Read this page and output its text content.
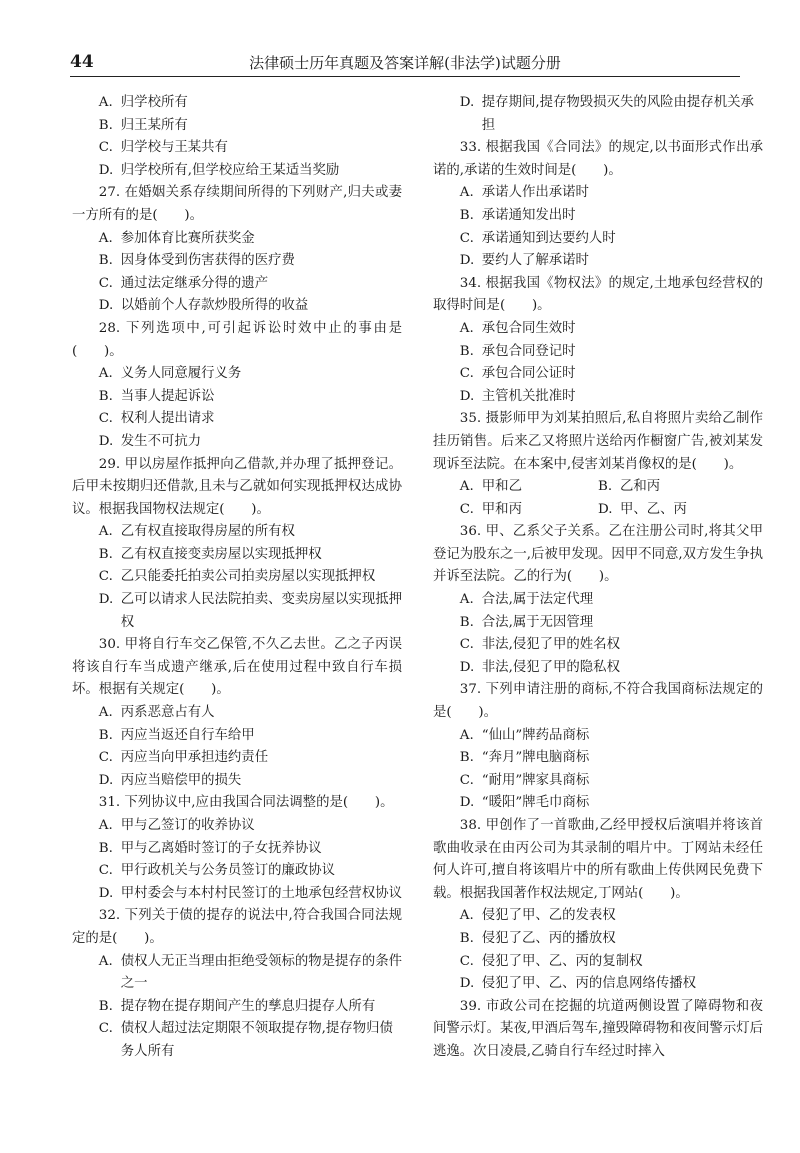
44	法律硕士历年真题及答案详解(非法学)试题分册
A. 归学校所有
B. 归王某所有
C. 归学校与王某共有
D. 归学校所有,但学校应给王某适当奖励

27. 在婚姻关系存续期间所得的下列财产,归夫或妻一方所有的是(　　)。

A. 参加体育比赛所获奖金
B. 因身体受到伤害获得的医疗费
C. 通过法定继承分得的遗产
D. 以婚前个人存款炒股所得的收益

28. 下列选项中,可引起诉讼时效中止的事由是(　　)。

A. 义务人同意履行义务
B. 当事人提起诉讼
C. 权利人提出请求
D. 发生不可抗力

29. 甲以房屋作抵押向乙借款,并办理了抵押登记。后甲未按期归还借款,且未与乙就如何实现抵押权达成协议。根据我国物权法规定(　　)。

A. 乙有权直接取得房屋的所有权
B. 乙有权直接变卖房屋以实现抵押权
C. 乙只能委托拍卖公司拍卖房屋以实现抵押权
D. 乙可以请求人民法院拍卖、变卖房屋以实现抵押权

30. 甲将自行车交乙保管,不久乙去世。乙之子丙误将该自行车当成遗产继承,后在使用过程中致自行车损坏。根据有关规定(　　)。

A. 丙系恶意占有人
B. 丙应当返还自行车给甲
C. 丙应当向甲承担违约责任
D. 丙应当赔偿甲的损失

31. 下列协议中,应由我国合同法调整的是(　　)。

A. 甲与乙签订的收养协议
B. 甲与乙离婚时签订的子女抚养协议
C. 甲行政机关与公务员签订的廉政协议
D. 甲村委会与本村村民签订的土地承包经营权协议

32. 下列关于债的提存的说法中,符合我国合同法规定的是(　　)。

A. 债权人无正当理由拒绝受领标的物是提存的条件之一
B. 提存物在提存期间产生的孳息归提存人所有
C. 债权人超过法定期限不领取提存物,提存物归债务人所有
D. 提存期间,提存物毁损灭失的风险由提存机关承担

33. 根据我国《合同法》的规定,以书面形式作出承诺的,承诺的生效时间是(　　)。

A. 承诺人作出承诺时
B. 承诺通知发出时
C. 承诺通知到达要约人时
D. 要约人了解承诺时

34. 根据我国《物权法》的规定,土地承包经营权的取得时间是(　　)。

A. 承包合同生效时
B. 承包合同登记时
C. 承包合同公证时
D. 主管机关批准时

35. 摄影师甲为刘某拍照后,私自将照片卖给乙制作挂历销售。后来乙又将照片送给丙作橱窗广告,被刘某发现诉至法院。在本案中,侵害刘某肖像权的是(　　)。

A. 甲和乙	B. 乙和丙
C. 甲和丙	D. 甲、乙、丙

36. 甲、乙系父子关系。乙在注册公司时,将其父甲登记为股东之一,后被甲发现。因甲不同意,双方发生争执并诉至法院。乙的行为(　　)。

A. 合法,属于法定代理
B. 合法,属于无因管理
C. 非法,侵犯了甲的姓名权
D. 非法,侵犯了甲的隐私权

37. 下列申请注册的商标,不符合我国商标法规定的是(　　)。

A. “仙山”牌药品商标
B. “奔月”牌电脑商标
C. “耐用”牌家具商标
D. “暖阳”牌毛巾商标

38. 甲创作了一首歌曲,乙经甲授权后演唱并将该首歌曲收录在由丙公司为其录制的唱片中。丁网站未经任何人许可,擅自将该唱片中的所有歌曲上传供网民免费下载。根据我国著作权法规定,丁网站(　　)。

A. 侵犯了甲、乙的发表权
B. 侵犯了乙、丙的播放权
C. 侵犯了甲、乙、丙的复制权
D. 侵犯了甲、乙、丙的信息网络传播权

39. 市政公司在挖掘的坑道两侧设置了障碍物和夜间警示灯。某夜,甲酒后驾车,撞毁障碍物和夜间警示灯后逃逸。次日凌晨,乙骑自行车经过时摔入
